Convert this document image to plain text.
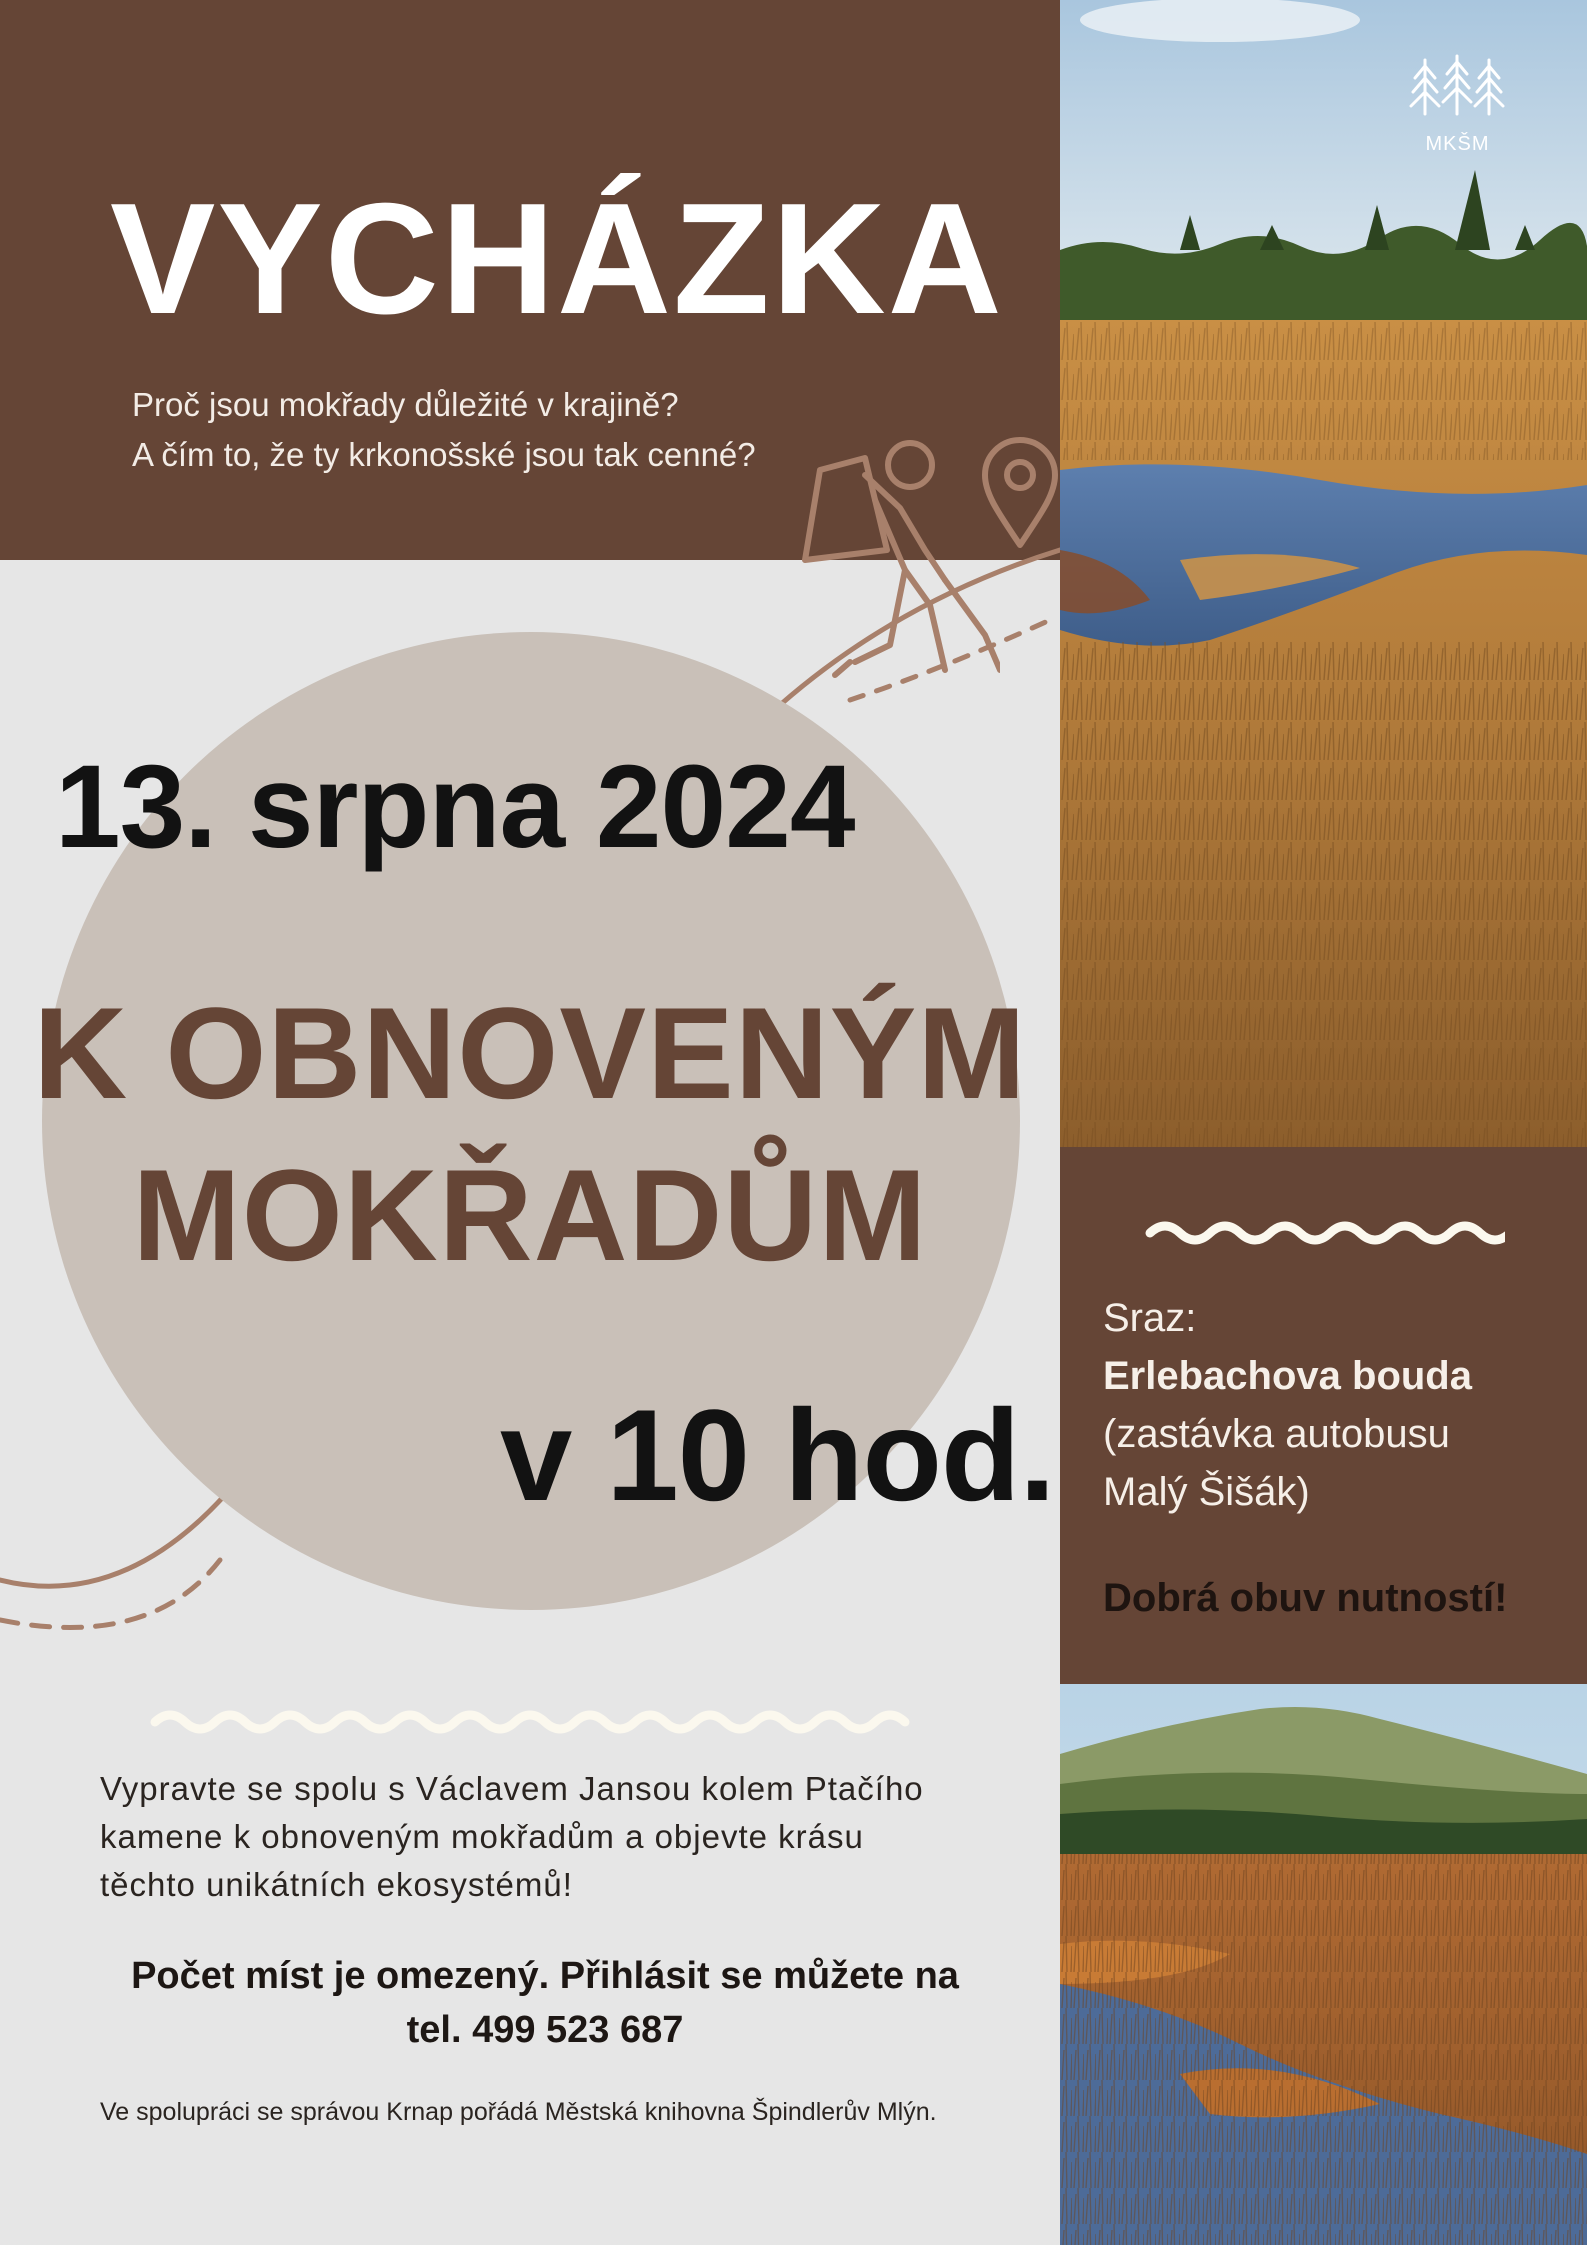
VYCHÁZKA
Proč jsou mokřady důležité v krajině?
A čím to, že ty krkonošské jsou tak cenné?
Sraz:
Erlebachova bouda
(zastávka autobusu
Malý Šišák)
Dobrá obuv nutností!
MKŠM
13. srpna 2024
K OBNOVENÝM
MOKŘADŮM
v 10 hod.
Vypravte se spolu s Václavem Jansou kolem Ptačího
kamene k obnoveným mokřadům a objevte krásu
těchto unikátních ekosystémů!
Počet míst je omezený. Přihlásit se můžete na
tel. 499 523 687
Ve spolupráci se správou Krnap pořádá Městská knihovna Špindlerův Mlýn.
